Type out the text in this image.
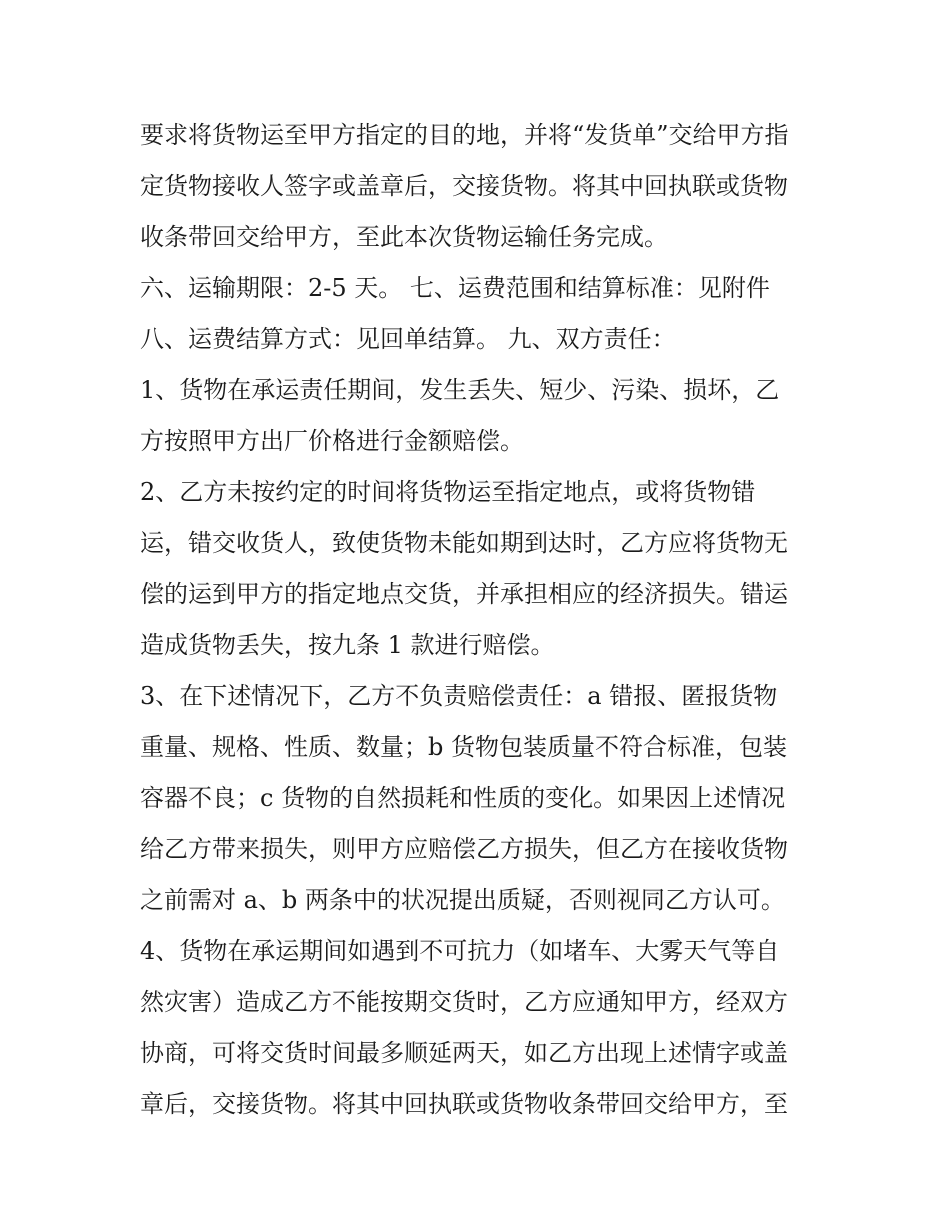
要求将货物运至甲方指定的目的地，并将“发货单”交给甲方指
定货物接收人签字或盖章后，交接货物。将其中回执联或货物
收条带回交给甲方，至此本次货物运输任务完成。
六、运输期限：2-5 天。 七、运费范围和结算标准：见附件
八、运费结算方式：见回单结算。 九、双方责任：
1、货物在承运责任期间，发生丢失、短少、污染、损坏，乙
方按照甲方出厂价格进行金额赔偿。
2、乙方未按约定的时间将货物运至指定地点，或将货物错
运，错交收货人，致使货物未能如期到达时，乙方应将货物无
偿的运到甲方的指定地点交货，并承担相应的经济损失。错运
造成货物丢失，按九条 1 款进行赔偿。
3、在下述情况下，乙方不负责赔偿责任：a 错报、匿报货物
重量、规格、性质、数量；b 货物包装质量不符合标准，包装
容器不良；c 货物的自然损耗和性质的变化。如果因上述情况
给乙方带来损失，则甲方应赔偿乙方损失，但乙方在接收货物
之前需对 a、b 两条中的状况提出质疑，否则视同乙方认可。
4、货物在承运期间如遇到不可抗力（如堵车、大雾天气等自
然灾害）造成乙方不能按期交货时，乙方应通知甲方，经双方
协商，可将交货时间最多顺延两天，如乙方出现上述情字或盖
章后，交接货物。将其中回执联或货物收条带回交给甲方，至
